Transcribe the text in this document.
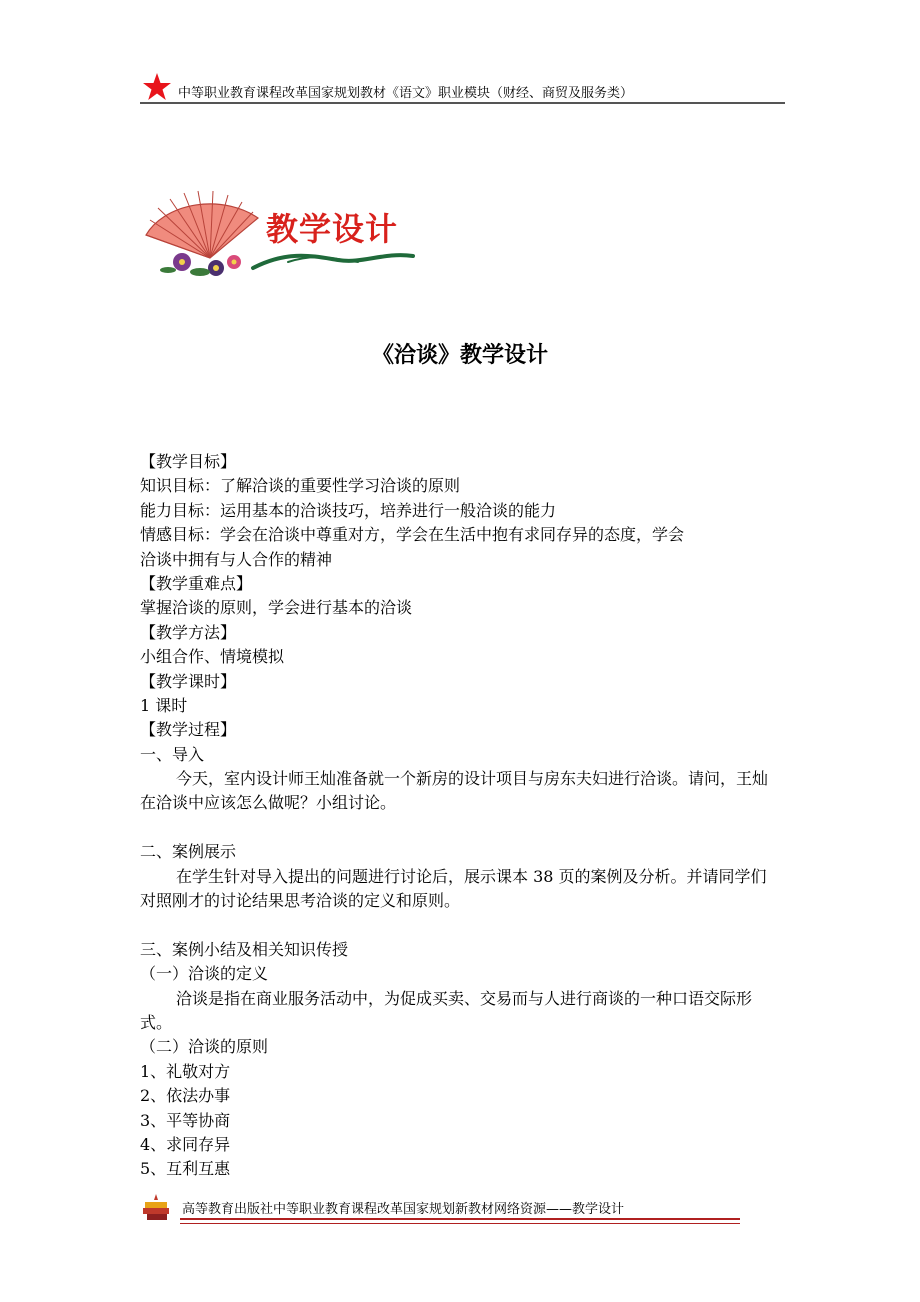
中等职业教育课程改革国家规划教材《语文》职业模块（财经、商贸及服务类）
教学设计
《洽谈》教学设计
【教学目标】
知识目标：了解洽谈的重要性学习洽谈的原则
能力目标：运用基本的洽谈技巧，培养进行一般洽谈的能力
情感目标：学会在洽谈中尊重对方，学会在生活中抱有求同存异的态度，学会
洽谈中拥有与人合作的精神
【教学重难点】
掌握洽谈的原则，学会进行基本的洽谈
【教学方法】
小组合作、情境模拟
【教学课时】
1 课时
【教学过程】
一、导入
今天，室内设计师王灿准备就一个新房的设计项目与房东夫妇进行洽谈。请问，王灿在洽谈中应该怎么做呢？小组讨论。
二、案例展示
在学生针对导入提出的问题进行讨论后，展示课本 38 页的案例及分析。并请同学们对照刚才的讨论结果思考洽谈的定义和原则。
三、案例小结及相关知识传授
（一）洽谈的定义
洽谈是指在商业服务活动中，为促成买卖、交易而与人进行商谈的一种口语交际形式。
（二）洽谈的原则
1、礼敬对方
2、依法办事
3、平等协商
4、求同存异
5、互利互惠
高等教育出版社中等职业教育课程改革国家规划新教材网络资源——教学设计
